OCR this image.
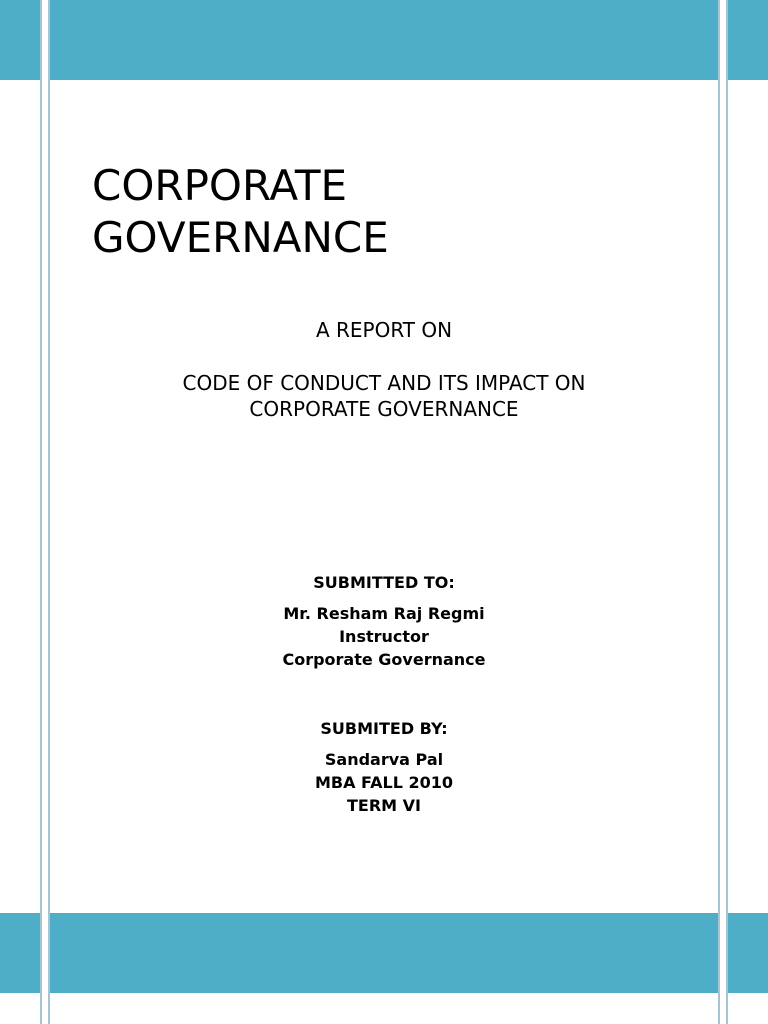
CORPORATE
GOVERNANCE

A REPORT ON

CODE OF CONDUCT AND ITS IMPACT ON
CORPORATE GOVERNANCE

SUBMITTED TO:
Mr. Resham Raj Regmi
Instructor
Corporate Governance
SUBMITED BY:
Sandarva Pal
MBA FALL 2010
TERM VI
